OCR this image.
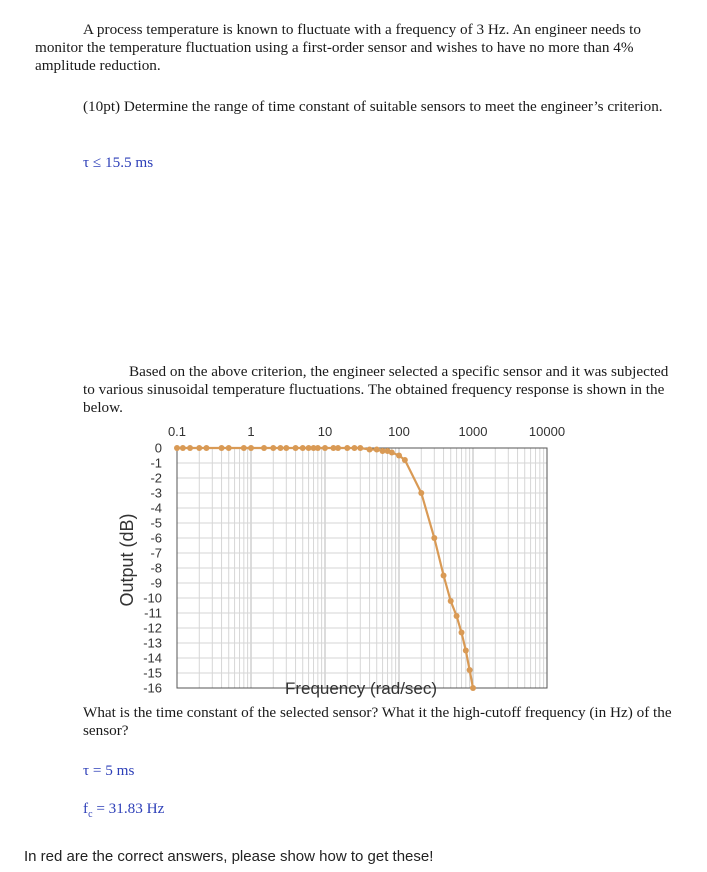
A process temperature is known to fluctuate with a frequency of 3 Hz. An engineer needs to monitor the temperature fluctuation using a first-order sensor and wishes to have no more than 4% amplitude reduction.
(10pt) Determine the range of time constant of suitable sensors to meet the engineer’s criterion.
τ ≤ 15.5 ms
Based on the above criterion, the engineer selected a specific sensor and it was subjected to various sinusoidal temperature fluctuations. The obtained frequency response is shown in the below.
0.1	1	10	100	1000	10000
0
-1
-2
-3
-4
-5
-6
-7
-8
-9
-10
-11
-12
-13
-14
-15
-16
Output (dB)
Frequency (rad/sec)
What is the time constant of the selected sensor? What it the high-cutoff frequency (in Hz) of the sensor?
τ = 5 ms
$f_c = 31.83$ Hz
In red are the correct answers, please show how to get these!
